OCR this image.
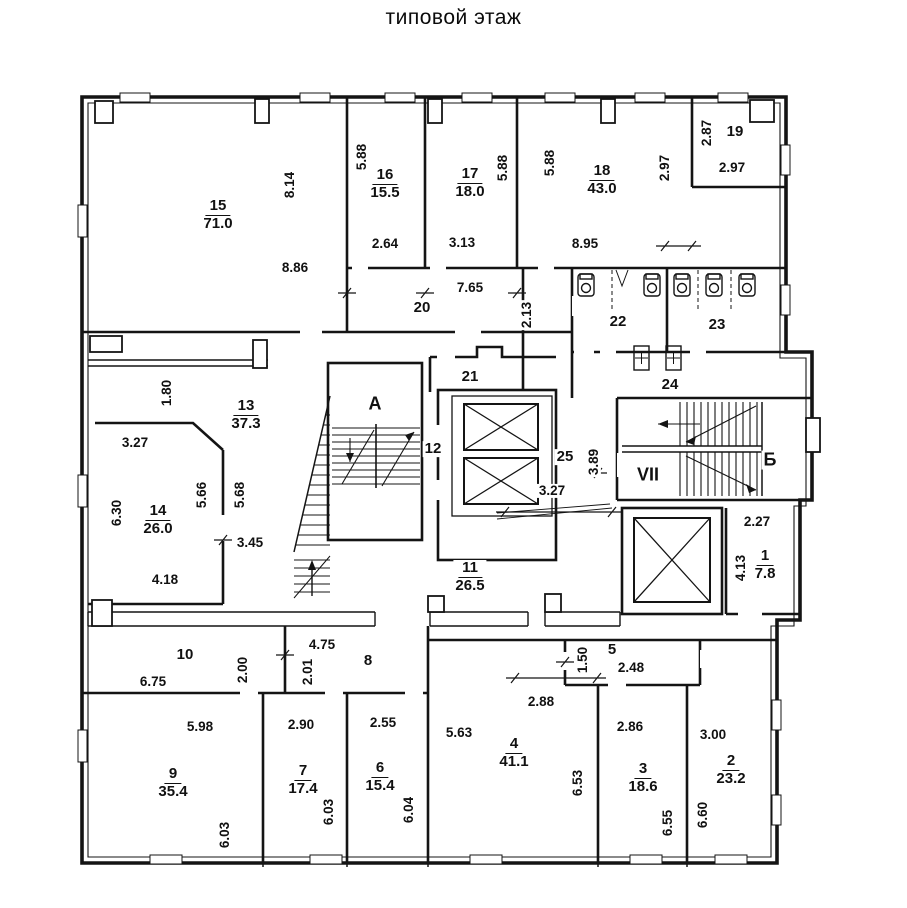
типовой этаж
$\frac{15}{71.0}$
$\frac{16}{15.5}$	$\frac{17}{18.0}$	$\frac{18}{43.0}$
$\frac{13}{37.3}$
$\frac{14}{26.0}$
$\frac{11}{26.5}$
$\frac{9}{35.4}$	$\frac{7}{17.4}$	$\frac{6}{15.4}$
$\frac{4}{41.1}$
$\frac{3}{18.6}$	$\frac{2}{23.2}$
$\frac{1}{7.8}$
19
20
21
22	23
24
25
10	8
5
12
А
Б
VII
8.86
2.64	3.13	8.95
2.97
7.65
3.27
3.45
4.18
3.27
2.27
6.75
4.75
5.98	2.90	2.55
5.63
2.88
2.48
2.86
3.00
8.14
5.88	5.88 5.88
2.87
2.97
2.13
1.80
6.30
5.66 5.68
3.89
4.13
2.00	2.01
6.03
6.03	6.04
6.53
1.50
6.55 6.60
